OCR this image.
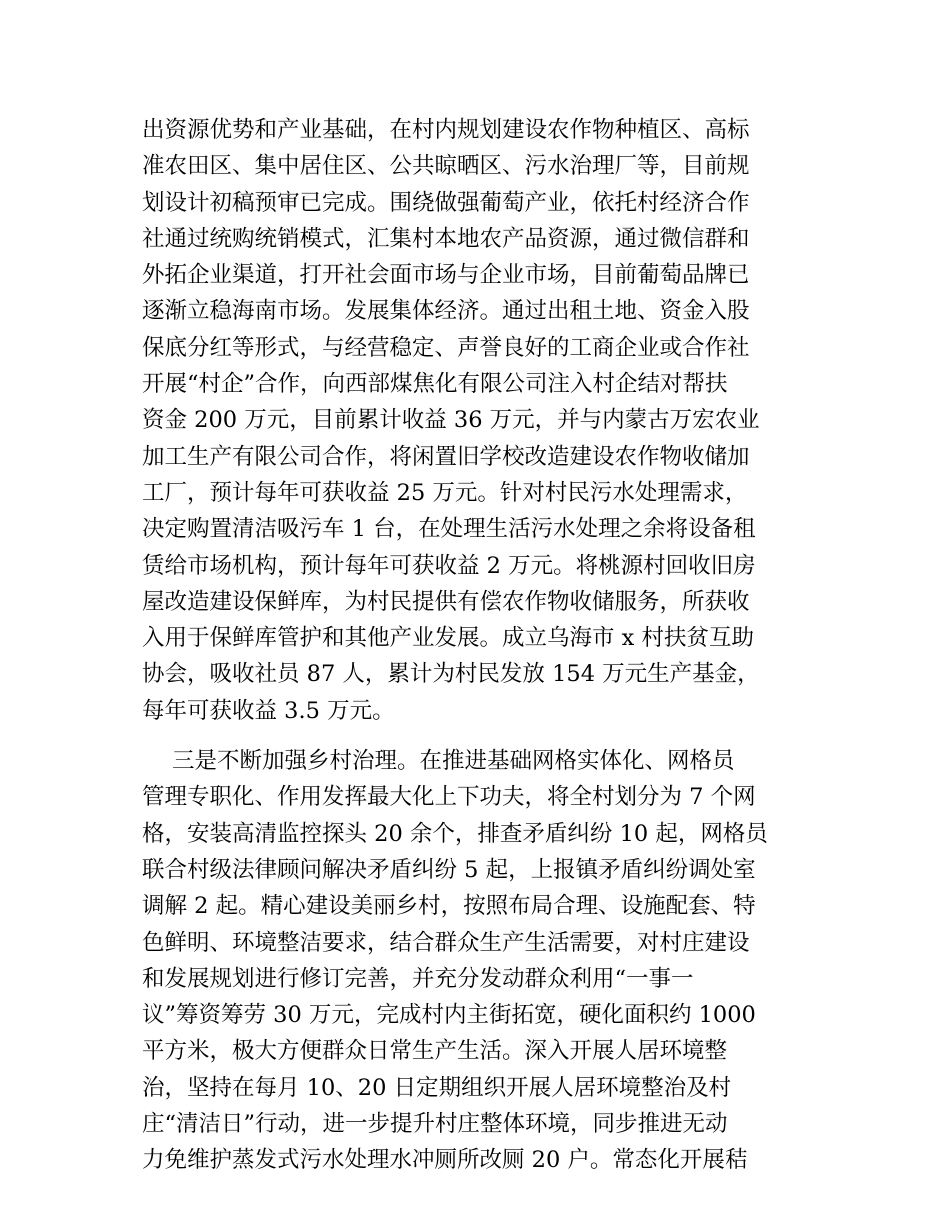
出资源优势和产业基础，在村内规划建设农作物种植区、高标
准农田区、集中居住区、公共晾晒区、污水治理厂等，目前规
划设计初稿预审已完成。围绕做强葡萄产业，依托村经济合作
社通过统购统销模式，汇集村本地农产品资源，通过微信群和
外拓企业渠道，打开社会面市场与企业市场，目前葡萄品牌已
逐渐立稳海南市场。发展集体经济。通过出租土地、资金入股
保底分红等形式，与经营稳定、声誉良好的工商企业或合作社
开展“村企”合作，向西部煤焦化有限公司注入村企结对帮扶
资金 200 万元，目前累计收益 36 万元，并与内蒙古万宏农业
加工生产有限公司合作，将闲置旧学校改造建设农作物收储加
工厂，预计每年可获收益 25 万元。针对村民污水处理需求，
决定购置清洁吸污车 1 台，在处理生活污水处理之余将设备租
赁给市场机构，预计每年可获收益 2 万元。将桃源村回收旧房
屋改造建设保鲜库，为村民提供有偿农作物收储服务，所获收
入用于保鲜库管护和其他产业发展。成立乌海市 x 村扶贫互助
协会，吸收社员 87 人，累计为村民发放 154 万元生产基金，
每年可获收益 3.5 万元。
三是不断加强乡村治理。在推进基础网格实体化、网格员
管理专职化、作用发挥最大化上下功夫，将全村划分为 7 个网
格，安装高清监控探头 20 余个，排查矛盾纠纷 10 起，网格员
联合村级法律顾问解决矛盾纠纷 5 起，上报镇矛盾纠纷调处室
调解 2 起。精心建设美丽乡村，按照布局合理、设施配套、特
色鲜明、环境整洁要求，结合群众生产生活需要，对村庄建设
和发展规划进行修订完善，并充分发动群众利用“一事一
议”筹资筹劳 30 万元，完成村内主街拓宽，硬化面积约 1000
平方米，极大方便群众日常生产生活。深入开展人居环境整
治，坚持在每月 10、20 日定期组织开展人居环境整治及村
庄“清洁日”行动，进一步提升村庄整体环境，同步推进无动
力免维护蒸发式污水处理水冲厕所改厕 20 户。常态化开展秸
